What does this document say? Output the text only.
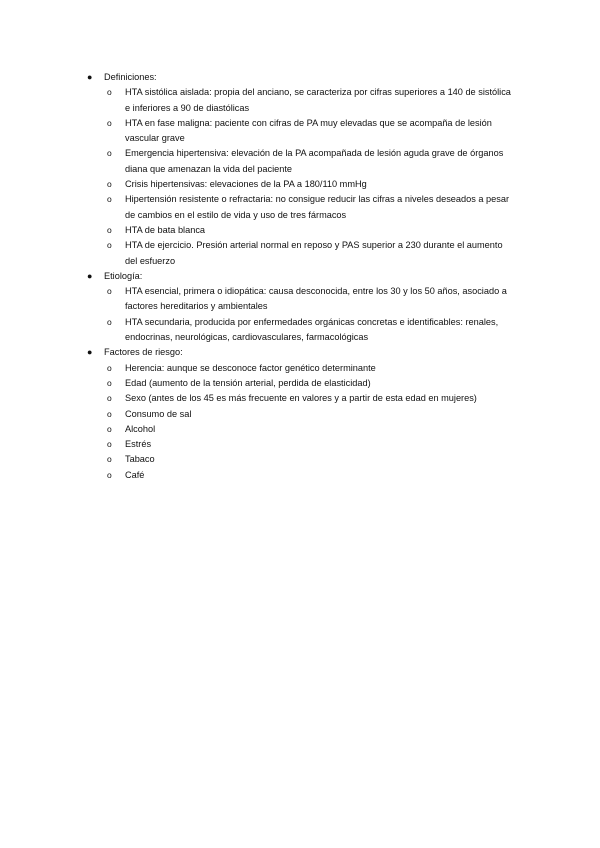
● Definiciones:
o HTA sistólica aislada: propia del anciano, se caracteriza por cifras superiores a 140 de sistólica e inferiores a 90 de diastólicas
o HTA en fase maligna: paciente con cifras de PA muy elevadas que se acompaña de lesión vascular grave
o Emergencia hipertensiva: elevación de la PA acompañada de lesión aguda grave de órganos diana que amenazan la vida del paciente
o Crisis hipertensivas: elevaciones de la PA a 180/110 mmHg
o Hipertensión resistente o refractaria: no consigue reducir las cifras a niveles deseados a pesar de cambios en el estilo de vida y uso de tres fármacos
o HTA de bata blanca
o HTA de ejercicio. Presión arterial normal en reposo y PAS superior a 230 durante el aumento del esfuerzo
● Etiología:
o HTA esencial, primera o idiopática: causa desconocida, entre los 30 y los 50 años, asociado a factores hereditarios y ambientales
o HTA secundaria, producida por enfermedades orgánicas concretas e identificables: renales, endocrinas, neurológicas, cardiovasculares, farmacológicas
● Factores de riesgo:
o Herencia: aunque se desconoce factor genético determinante
o Edad (aumento de la tensión arterial, perdida de elasticidad)
o Sexo (antes de los 45 es más frecuente en valores y a partir de esta edad en mujeres)
o Consumo de sal
o Alcohol
o Estrés
o Tabaco
o Café
